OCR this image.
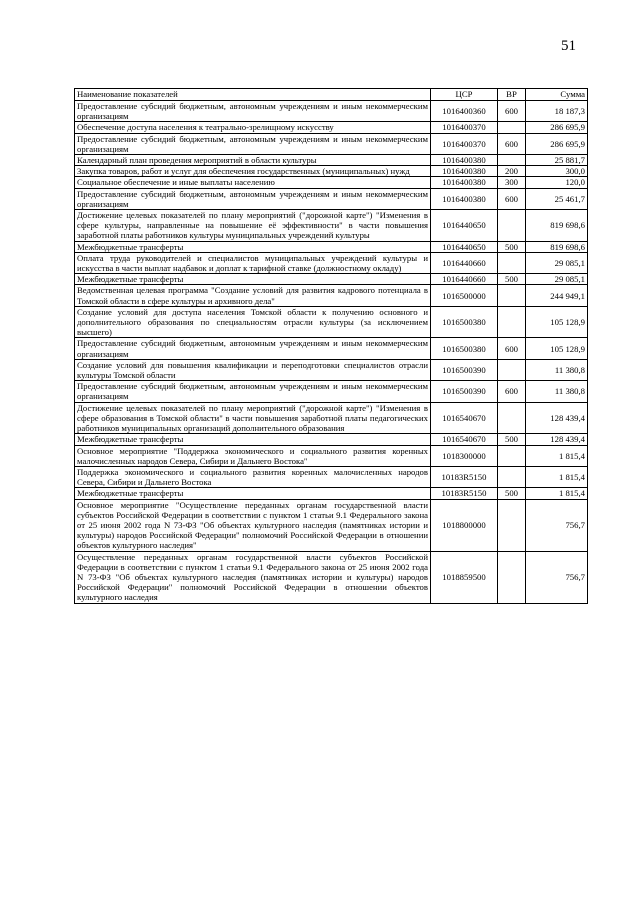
51
Наименование показателей	ЦСР	ВР	Сумма
Предоставление субсидий бюджетным, автономным учреждениям и иным некоммерческим организациям	1016400360	600	18 187,3
Обеспечение доступа населения к театрально-зрелищному искусству	1016400370		286 695,9
Предоставление субсидий бюджетным, автономным учреждениям и иным некоммерческим организациям	1016400370	600	286 695,9
Календарный план проведения мероприятий в области культуры	1016400380		25 881,7
Закупка товаров, работ и услуг для обеспечения государственных (муниципальных) нужд	1016400380	200	300,0
Социальное обеспечение и иные выплаты населению	1016400380	300	120,0
Предоставление субсидий бюджетным, автономным учреждениям и иным некоммерческим организациям	1016400380	600	25 461,7
Достижение целевых показателей по плану мероприятий ("дорожной карте") "Изменения в сфере культуры, направленные на повышение её эффективности" в части повышения заработной платы работников культуры муниципальных учреждений культуры	1016440650		819 698,6
Межбюджетные трансферты	1016440650	500	819 698,6
Оплата труда руководителей и специалистов муниципальных учреждений культуры и искусства в части выплат надбавок и доплат к тарифной ставке (должностному окладу)	1016440660		29 085,1
Межбюджетные трансферты	1016440660	500	29 085,1
Ведомственная целевая программа "Создание условий для развития кадрового потенциала в Томской области в сфере культуры и архивного дела"	1016500000		244 949,1
Создание условий для доступа населения Томской области к получению основного и дополнительного образования по специальностям отрасли культуры (за исключением высшего)	1016500380		105 128,9
Предоставление субсидий бюджетным, автономным учреждениям и иным некоммерческим организациям	1016500380	600	105 128,9
Создание условий для повышения квалификации и переподготовки специалистов отрасли культуры Томской области	1016500390		11 380,8
Предоставление субсидий бюджетным, автономным учреждениям и иным некоммерческим организациям	1016500390	600	11 380,8
Достижение целевых показателей по плану мероприятий ("дорожной карте") "Изменения в сфере образования в Томской области" в части повышения заработной платы педагогических работников муниципальных организаций дополнительного образования	1016540670		128 439,4
Межбюджетные трансферты	1016540670	500	128 439,4
Основное мероприятие "Поддержка экономического и социального развития коренных малочисленных народов Севера, Сибири и Дальнего Востока"	1018300000		1 815,4
Поддержка экономического и социального развития коренных малочисленных народов Севера, Сибири и Дальнего Востока	10183R5150		1 815,4
Межбюджетные трансферты	10183R5150	500	1 815,4
Основное мероприятие "Осуществление переданных органам государственной власти субъектов Российской Федерации в соответствии с пунктом 1 статьи 9.1 Федерального закона от 25 июня 2002 года N 73-ФЗ "Об объектах культурного наследия (памятниках истории и культуры) народов Российской Федерации" полномочий Российской Федерации в отношении объектов культурного наследия"	1018800000		756,7
Осуществление переданных органам государственной власти субъектов Российской Федерации в соответствии с пунктом 1 статьи 9.1 Федерального закона от 25 июня 2002 года N 73-ФЗ "Об объектах культурного наследия (памятниках истории и культуры) народов Российской Федерации" полномочий Российской Федерации в отношении объектов культурного наследия	1018859500		756,7
